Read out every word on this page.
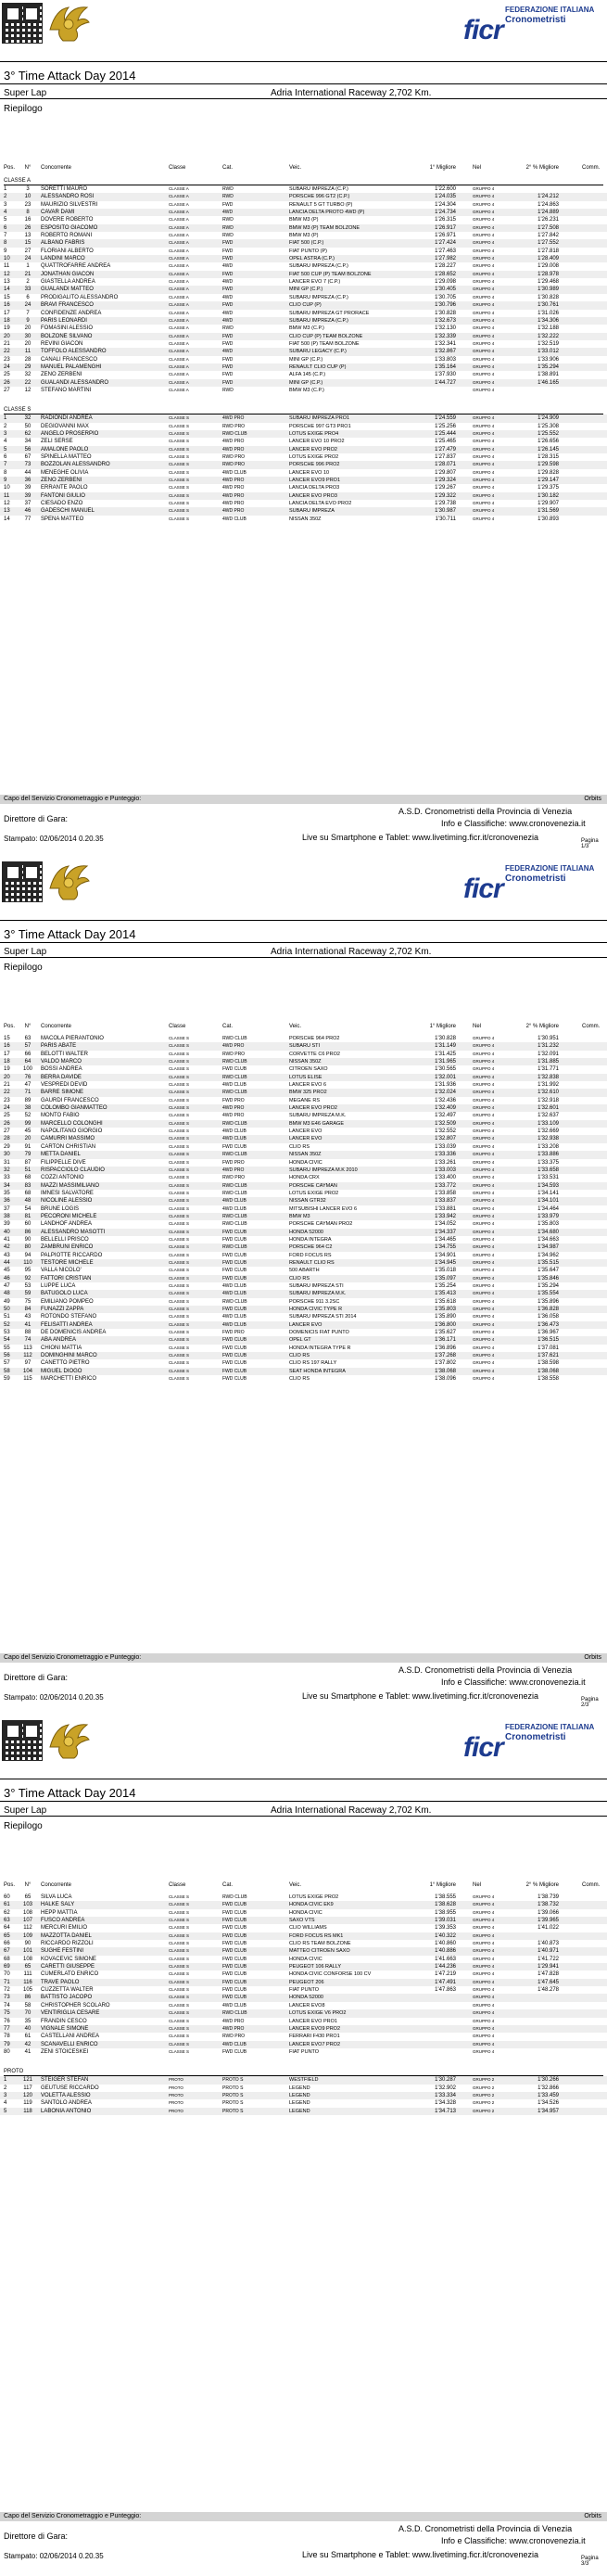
ficr
FEDERAZIONE ITALIANA
Cronometristi
3° Time Attack Day 2014
Super Lap	Adria International Raceway 2,702 Km.
Riepilogo
Pos.	N°	Concorrente	Classe	Cat.	Veic.	1° Migliore	Nel	2° % Migliore	Comm.
CLASSE A
1	3	SORETTI MAURO	CLASSE A	RWD	SUBARU IMPREZA (C.P.)	1'22.600	GRUPPO 4
2	10	ALESSANDRO ROSI	CLASSE A	RWD	PORSCHE 996 GT2 (C.P.)	1'24.035	GRUPPO 4	1'24.212
3	23	MAURIZIO SILVESTRI	CLASSE A	FWD	RENAULT 5 GT TURBO (P)	1'24.304	GRUPPO 4	1'24.863
4	8	CAVAR DAMI	CLASSE A	4WD	LANCIA DELTA PROTO 4WD (P)	1'24.734	GRUPPO 4	1'24.889
5	16	DOVERE ROBERTO	CLASSE A	RWD	BMW M3 (P)	1'26.315	GRUPPO 4	1'26.231
6	26	ESPOSITO GIACOMO	CLASSE A	RWD	BMW M3 (P) TEAM BOLZONE	1'26.917	GRUPPO 4	1'27.508
7	13	ROBERTO ROMANI	CLASSE A	RWD	BMW M3 (P)	1'26.971	GRUPPO 4	1'27.842
8	15	ALBANO FABRIS	CLASSE A	FWD	FIAT 500 (C.P.)	1'27.424	GRUPPO 4	1'27.552
9	27	FLORIANI ALBERTO	CLASSE A	FWD	FIAT PUNTO (P)	1'27.463	GRUPPO 4	1'27.818
10	24	LANDINI MARCO	CLASSE A	FWD	OPEL ASTRA (C.P.)	1'27.982	GRUPPO 4	1'28.409
11	1	QUATTROFARRE ANDREA	CLASSE A	4WD	SUBARU IMPREZA (C.P.)	1'28.227	GRUPPO 4	1'29.008
12	21	JONATHAN GIACON	CLASSE A	FWD	FIAT 500 CUP (P) TEAM BOLZONE	1'28.652	GRUPPO 4	1'28.978
13	2	GIASTELLA ANDREA	CLASSE A	4WD	LANCER EVO 7 (C.P.)	1'29.098	GRUPPO 4	1'29.468
14	33	GUALANDI MATTEO	CLASSE A	FWD	MINI GP (C.P.)	1'30.405	GRUPPO 4	1'30.989
15	6	PRODIGALITO ALESSANDRO	CLASSE A	4WD	SUBARU IMPREZA (C.P.)	1'30.705	GRUPPO 4	1'30.828
16	24	BRAVI FRANCESCO	CLASSE A	FWD	CLIO CUP (P)	1'30.796	GRUPPO 4	1'30.761
17	7	CONFIDENZE ANDREA	CLASSE A	4WD	SUBARU IMPREZA GT PRORACE	1'30.828	GRUPPO 4	1'31.026
18	9	PARIS LEONARDI	CLASSE A	4WD	SUBARU IMPREZA (C.P.)	1'32.673	GRUPPO 4	1'34.306
19	20	FOMASINI ALESSIO	CLASSE A	RWD	BMW M3 (C.P.)	1'32.130	GRUPPO 4	1'32.188
20	30	BOLZONE SILVANO	CLASSE A	FWD	CLIO CUP (P) TEAM BOLZONE	1'32.339	GRUPPO 4	1'32.222
21	20	REVINI GIACON	CLASSE A	FWD	FIAT 500 (P) TEAM BOLZONE	1'32.341	GRUPPO 4	1'32.519
22	11	TOFFOLO ALESSANDRO	CLASSE A	4WD	SUBARU LEGACY (C.P.)	1'32.867	GRUPPO 4	1'33.012
23	28	CANALI FRANCESCO	CLASSE A	FWD	MINI GP (C.P.)	1'33.803	GRUPPO 4	1'33.906
24	29	MANUEL PALAMENGHI	CLASSE A	FWD	RENAULT CLIO CUP (P)	1'35.164	GRUPPO 4	1'35.294
25	32	ZENO ZERBENI	CLASSE A	FWD	ALFA 145 (C.P.)	1'37.930	GRUPPO 4	1'38.891
26	22	GUALANDI ALESSANDRO	CLASSE A	FWD	MINI GP (C.P.)	1'44.727	GRUPPO 4	1'46.165
27	12	STEFANO MARTINI	CLASSE A	RWD	BMW M3 (C.P.)	GRUPPO 4
CLASSE S
1	32	RADIONDI ANDREA	CLASSE S	4WD PRO	SUBARU IMPREZA PRO1	1'24.559	GRUPPO 4	1'24.909
2	50	DEGIOVANNI MAX	CLASSE S	RWD PRO	PORSCHE 997 GT3 PRO1	1'25.256	GRUPPO 4	1'25.308
3	62	ANGELO PROSERPIO	CLASSE S	RWD CLUB	LOTUS EXIGE PRO4	1'25.444	GRUPPO 4	1'25.552
4	34	ZELI SERSE	CLASSE S	4WD PRO	LANCER EVO 10 PRO2	1'25.465	GRUPPO 4	1'26.656
5	56	AMALONE PAOLO	CLASSE S	4WD PRO	LANCER EVO PRO2	1'27.479	GRUPPO 4	1'26.145
6	67	SPINELLA MATTEO	CLASSE S	RWD PRO	LOTUS EXIGE PRO2	1'27.837	GRUPPO 4	1'28.315
7	73	BOZZOLAN ALESSANDRO	CLASSE S	RWD PRO	PORSCHE 996 PRO2	1'28.071	GRUPPO 4	1'29.598
8	44	MENEGHE OLIVIA	CLASSE S	4WD CLUB	LANCER EVO 10	1'29.807	GRUPPO 4	1'29.828
9	36	ZENO ZERBENI	CLASSE S	4WD PRO	LANCER EVO9 PRO1	1'29.324	GRUPPO 4	1'29.147
10	39	ERRANTE PAOLO	CLASSE S	4WD PRO	LANCIA DELTA PRO3	1'29.267	GRUPPO 4	1'29.375
11	39	FANTONI GIULIO	CLASSE S	4WD PRO	LANCER EVO PRO3	1'29.322	GRUPPO 4	1'30.182
12	37	CIESADO ENZO	CLASSE S	4WD PRO	LANCIA DELTA EVO PRO2	1'29.738	GRUPPO 4	1'29.907
13	46	GADESCHI MANUEL	CLASSE S	4WD PRO	SUBARU IMPREZA	1'30.987	GRUPPO 4	1'31.569
14	77	SPENA MATTEO	CLASSE S	4WD CLUB	NISSAN 350Z	1'30.711	GRUPPO 4	1'30.893
Capo del Servizio Cronometraggio e Punteggio:	Orbits
A.S.D. Cronometristi della Provincia di Venezia
Direttore di Gara:	Info e Classifiche: www.cronovenezia.it
Live su Smartphone e Tablet: www.livetiming.ficr.it/cronovenezia
Stampato: 02/06/2014 0.20.35	Pagina 1/3
ficr
FEDERAZIONE ITALIANA
Cronometristi
3° Time Attack Day 2014
Super Lap	Adria International Raceway 2,702 Km.
Riepilogo
Pos.	N°	Concorrente	Classe	Cat.	Veic.	1° Migliore	Nel	2° % Migliore	Comm.
15	63	MACOLA PIERANTONIO	CLASSE S	RWD CLUB	PORSCHE 964 PRO2	1'30.828	GRUPPO 4	1'30.951
16	57	PARIS ABATE	CLASSE S	4WD PRO	SUBARU STI	1'31.149	GRUPPO 4	1'31.232
17	66	BELOTTI WALTER	CLASSE S	RWD PRO	CORVETTE C6 PRO2	1'31.425	GRUPPO 4	1'32.091
18	64	VALDO MARCO	CLASSE S	RWD CLUB	NISSAN 350Z	1'31.965	GRUPPO 4	1'31.885
19	100	BOSSI ANDREA	CLASSE S	FWD CLUB	CITROEN SAXO	1'30.565	GRUPPO 4	1'31.771
20	76	BERRA DAVIDE	CLASSE S	RWD CLUB	LOTUS ELISE	1'32.001	GRUPPO 4	1'32.838
21	47	VESPREDI DEVID	CLASSE S	4WD CLUB	LANCER EVO 6	1'31.936	GRUPPO 4	1'31.992
22	71	BARRE SIMONE	CLASSE S	RWD CLUB	BMW 325 PRO2	1'32.024	GRUPPO 4	1'32.610
23	89	GAURDI FRANCESCO	CLASSE S	FWD PRO	MEGANE RS	1'32.436	GRUPPO 4	1'32.918
24	38	COLOMBO GIANMATTEO	CLASSE S	4WD PRO	LANCER EVO PRO2	1'32.409	GRUPPO 4	1'32.601
25	52	MONTO FABIO	CLASSE S	4WD PRO	SUBARU IMPREZA M.K.	1'32.497	GRUPPO 4	1'32.637
26	99	MARCELLO COLONGHI	CLASSE S	RWD CLUB	BMW M3 E46 GARAGE	1'32.509	GRUPPO 4	1'33.109
27	45	NAPOLITANO GIORGIO	CLASSE S	4WD CLUB	LANCER EVO	1'32.552	GRUPPO 4	1'32.669
28	20	CAMURRI MASSIMO	CLASSE S	4WD CLUB	LANCER EVO	1'32.807	GRUPPO 4	1'32.938
29	91	CARTON CHRISTIAN	CLASSE S	FWD CLUB	CLIO RS	1'33.039	GRUPPO 4	1'33.208
30	79	METTA DANIEL	CLASSE S	RWD CLUB	NISSAN 350Z	1'33.336	GRUPPO 4	1'33.886
31	87	FILIPPELLE DIVE	CLASSE S	FWD PRO	HONDA CIVIC	1'33.261	GRUPPO 4	1'33.375
32	51	RISPACCIOLO CLAUDIO	CLASSE S	4WD PRO	SUBARU IMPREZA M.K 2010	1'33.003	GRUPPO 4	1'33.658
33	68	COZZI ANTONIO	CLASSE S	RWD PRO	HONDA CRX	1'33.400	GRUPPO 4	1'33.531
34	83	MAZZI MASSIMILIANO	CLASSE S	RWD CLUB	PORSCHE CAYMAN	1'33.772	GRUPPO 4	1'34.593
35	68	IMNESI SALVATORE	CLASSE S	RWD CLUB	LOTUS EXIGE PRO2	1'33.858	GRUPPO 4	1'34.141
36	48	NICOLINE ALESSIO	CLASSE S	4WD CLUB	NISSAN GTR32	1'33.837	GRUPPO 4	1'34.101
37	54	BRUNE LOGIS	CLASSE S	4WD CLUB	MITSUBISHI LANCER EVO 6	1'33.881	GRUPPO 4	1'34.464
38	81	PECORONI MICHELE	CLASSE S	RWD CLUB	BMW M3	1'33.942	GRUPPO 4	1'33.979
39	60	LANDHOF ANDREA	CLASSE S	RWD CLUB	PORSCHE CAYMAN PRO2	1'34.052	GRUPPO 4	1'35.803
40	86	ALESSANDRO MASOTTI	CLASSE S	FWD CLUB	HONDA S2000	1'34.337	GRUPPO 4	1'34.680
41	90	BELLELLI PRISCO	CLASSE S	FWD CLUB	HONDA INTEGRA	1'34.465	GRUPPO 4	1'34.663
42	80	ZAMBRUNI ENRICO	CLASSE S	RWD CLUB	PORSCHE 964 C2	1'34.755	GRUPPO 4	1'34.987
43	94	PALPIOTTE RICCARDO	CLASSE S	FWD CLUB	FORD FOCUS RS	1'34.901	GRUPPO 4	1'34.962
44	110	TESTORE MICHELE	CLASSE S	FWD CLUB	RENAULT CLIO RS	1'34.945	GRUPPO 4	1'35.515
45	95	VALLA NICOLO'	CLASSE S	FWD CLUB	500 ABARTH	1'35.018	GRUPPO 4	1'35.647
46	92	FATTORI CRISTIAN	CLASSE S	FWD CLUB	CLIO RS	1'35.097	GRUPPO 4	1'35.846
47	53	LUPPE LUCA	CLASSE S	4WD CLUB	SUBARU IMPREZA STI	1'35.254	GRUPPO 4	1'35.294
48	59	BATUGOLO LUCA	CLASSE S	4WD CLUB	SUBARU IMPREZA M.K.	1'35.413	GRUPPO 4	1'35.554
49	75	EMILIANO POMPEO	CLASSE S	RWD CLUB	PORSCHE 911 3.2SC	1'35.618	GRUPPO 4	1'35.896
50	84	FUNAZZI ZAPPA	CLASSE S	FWD CLUB	HONDA CIVIC TYPE R	1'35.803	GRUPPO 4	1'36.828
51	43	ROTONDO STEFANO	CLASSE S	4WD CLUB	SUBARU IMPREZA STI 2014	1'35.890	GRUPPO 4	1'36.058
52	41	FELISATTI ANDREA	CLASSE S	4WD CLUB	LANCER EVO	1'36.800	GRUPPO 4	1'36.473
53	88	DE DOMENICIS ANDREA	CLASSE S	FWD PRO	DOMENICIS FIAT PUNTO	1'35.627	GRUPPO 4	1'36.967
54	74	ABA ANDREA	CLASSE S	FWD CLUB	OPEL GT	1'36.171	GRUPPO 4	1'36.515
55	113	CHIONI MATTIA	CLASSE S	FWD CLUB	HONDA INTEGRA TYPE R	1'36.896	GRUPPO 4	1'37.081
56	112	DOMINGHINI MARCO	CLASSE S	FWD CLUB	CLIO RS	1'37.268	GRUPPO 4	1'37.621
57	97	CANETTO PIETRO	CLASSE S	FWD CLUB	CLIO RS 197 RALLY	1'37.802	GRUPPO 4	1'38.598
58	104	MIGUEL DIOGO	CLASSE S	FWD CLUB	SEAT HONDA INTEGRA	1'38.068	GRUPPO 4	1'38.068
59	115	MARCHETTI ENRICO	CLASSE S	FWD CLUB	CLIO RS	1'38.096	GRUPPO 4	1'38.558
Capo del Servizio Cronometraggio e Punteggio:	Orbits
A.S.D. Cronometristi della Provincia di Venezia
Direttore di Gara:	Info e Classifiche: www.cronovenezia.it
Live su Smartphone e Tablet: www.livetiming.ficr.it/cronovenezia
Stampato: 02/06/2014 0.20.35	Pagina 2/3
ficr
FEDERAZIONE ITALIANA
Cronometristi
3° Time Attack Day 2014
Super Lap	Adria International Raceway 2,702 Km.
Riepilogo
Pos.	N°	Concorrente	Classe	Cat.	Veic.	1° Migliore	Nel	2° % Migliore	Comm.
60	65	SILVA LUCA	CLASSE S	RWD CLUB	LOTUS EXIGE PRO2	1'38.555	GRUPPO 4	1'38.739
61	103	HALKE SALY	CLASSE S	FWD CLUB	HONDA CIVIC EK9	1'38.628	GRUPPO 4	1'38.732
62	108	HEPP MATTIA	CLASSE S	FWD CLUB	HONDA CIVIC	1'38.955	GRUPPO 4	1'39.066
63	107	FUSCO ANDREA	CLASSE S	FWD CLUB	SAXO VTS	1'39.031	GRUPPO 4	1'39.965
64	112	MERCURI EMILIO	CLASSE S	FWD CLUB	CLIO WILLIAMS	1'39.353	GRUPPO 4	1'41.022
65	109	MAZZOTTA DANIEL	CLASSE S	FWD CLUB	FORD FOCUS RS MK1	1'40.322	GRUPPO 4
66	90	RICCARDO RIZZOLI	CLASSE S	FWD CLUB	CLIO RS TEAM BOLZONE	1'40.860	GRUPPO 4	1'40.873
67	101	SUGHE FESTINI	CLASSE S	FWD CLUB	MATTEO CITROEN SAXO	1'40.886	GRUPPO 4	1'40.971
68	108	KOVACEVIC SIMONE	CLASSE S	FWD CLUB	HONDA CIVIC	1'41.663	GRUPPO 4	1'41.722
69	65	CARETTI GIUSEPPE	CLASSE S	FWD CLUB	PEUGEOT 106 RALLY	1'44.236	GRUPPO 4	1'29.941
70	111	CUMERLATO ENRICO	CLASSE S	FWD CLUB	HONDA CIVIC CONFORSE 100 CV	1'47.219	GRUPPO 4	1'47.828
71	116	TRAVE PAOLO	CLASSE S	FWD CLUB	PEUGEOT 206	1'47.491	GRUPPO 4	1'47.645
72	105	CUZZETTA WALTER	CLASSE S	FWD CLUB	FIAT PUNTO	1'47.863	GRUPPO 4	1'48.278
73	86	BATTISTO JACOPO	CLASSE S	FWD CLUB	HONDA S2000	GRUPPO 4
74	58	CHRISTOPHER SCOLARO	CLASSE S	4WD CLUB	LANCER EVO8	GRUPPO 4
75	70	VENTIRIGLIA CESARE	CLASSE S	RWD CLUB	LOTUS EXIGE V6 PRO2	GRUPPO 4
76	35	FRANDIN CESCO	CLASSE S	4WD PRO	LANCER EVO PRO1	GRUPPO 4
77	40	VIGNALE SIMONE	CLASSE S	4WD PRO	LANCER EVO9 PRO2	GRUPPO 4
78	61	CASTELLANI ANDREA	CLASSE S	RWD PRO	FERRARI F430 PRO1	GRUPPO 4
79	42	SCANAVELLI ENRICO	CLASSE S	4WD CLUB	LANCER EVO7 PRO2	GRUPPO 4
80	41	ZENI STOICESKEI	CLASSE S	FWD CLUB	FIAT PUNTO	GRUPPO 4
PROTO
1	121	STEIGER STEFAN	PROTO	PROTO S	WESTFIELD	1'30.287	GRUPPO 2	1'30.266
2	117	GEUTUSE RICCARDO	PROTO	PROTO S	LEGEND	1'32.902	GRUPPO 2	1'32.866
3	120	VOLETTA ALESSIO	PROTO	PROTO S	LEGEND	1'33.334	GRUPPO 2	1'33.459
4	119	SANTOLO ANDREA	PROTO	PROTO S	LEGEND	1'34.328	GRUPPO 2	1'34.526
5	118	LABONIA ANTONIO	PROTO	PROTO S	LEGEND	1'34.713	GRUPPO 2	1'34.957
Capo del Servizio Cronometraggio e Punteggio:	Orbits
A.S.D. Cronometristi della Provincia di Venezia
Direttore di Gara:	Info e Classifiche: www.cronovenezia.it
Live su Smartphone e Tablet: www.livetiming.ficr.it/cronovenezia
Stampato: 02/06/2014 0.20.35	Pagina 3/3
